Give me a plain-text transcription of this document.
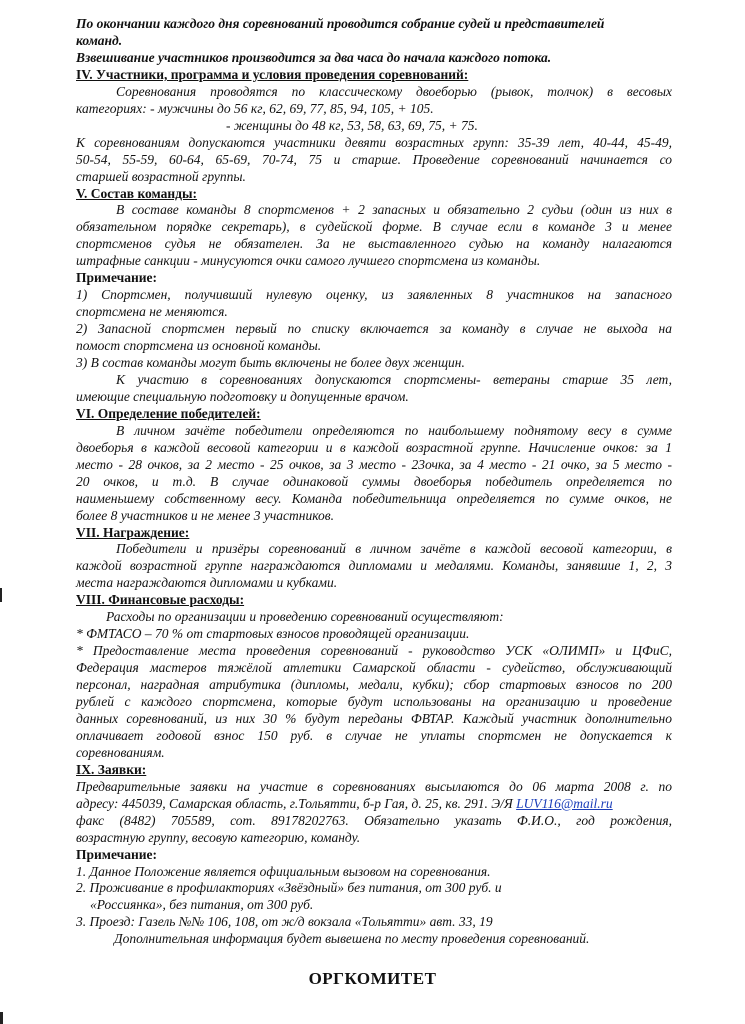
По окончании каждого дня соревнований проводится собрание судей и представителей
команд.
Взвешивание участников производится за два часа до начала каждого потока.
IV. Участники, программа и условия проведения соревнований:
Соревнования проводятся по классическому двоеборью (рывок, толчок) в весовых
категориях: - мужчины до 56 кг, 62, 69, 77, 85, 94, 105, + 105.
- женщины до 48 кг, 53, 58, 63, 69, 75, + 75.
К соревнованиям допускаются участники девяти возрастных групп: 35-39 лет, 40-44, 45-49,
50-54, 55-59, 60-64, 65-69, 70-74, 75 и старше. Проведение соревнований начинается со
старшей возрастной группы.
V. Состав команды:
В составе команды 8 спортсменов + 2 запасных и обязательно 2 судьи (один из них в
обязательном порядке секретарь), в судейской форме. В случае если в команде 3 и менее
спортсменов судья не обязателен. За не выставленного судью на команду налагаются
штрафные санкции - минусуются очки самого лучшего спортсмена из команды.
Примечание:
1) Спортсмен, получивший нулевую оценку, из заявленных 8 участников на запасного
спортсмена не меняются.
2) Запасной спортсмен первый по списку включается за команду в случае не выхода на
помост спортсмена из основной команды.
3) В состав команды могут быть включены не более двух женщин.
К участию в соревнованиях допускаются спортсмены- ветераны старше 35 лет,
имеющие специальную подготовку и допущенные врачом.
VI. Определение победителей:
В личном зачёте победители определяются по наибольшему поднятому весу в сумме
двоеборья в каждой весовой категории и в каждой возрастной группе. Начисление очков: за 1
место - 28 очков, за 2 место - 25 очков, за 3 место - 23очка, за 4 место - 21 очко, за 5 место -
20 очков, и т.д. В случае одинаковой суммы двоеборья победитель определяется по
наименьшему собственному весу. Команда победительница определяется по сумме очков, не
более 8 участников и не менее 3 участников.
VII. Награждение:
Победители и призёры соревнований в личном зачёте в каждой весовой категории, в
каждой возрастной группе награждаются дипломами и медалями. Команды, занявшие 1, 2, 3
места награждаются дипломами и кубками.
VIII. Финансовые расходы:
Расходы по организации и проведению соревнований осуществляют:
* ФМТАСО – 70 % от стартовых взносов проводящей организации.
* Предоставление места проведения соревнований - руководство УСК «ОЛИМП» и ЦФиС,
Федерация мастеров тяжёлой атлетики Самарской области - судейство, обслуживающий
персонал, наградная атрибутика (дипломы, медали, кубки); сбор стартовых взносов по 200
рублей с каждого спортсмена, которые будут использованы на организацию и проведение
данных соревнований, из них 30 % будут переданы ФВТАР. Каждый участник дополнительно
оплачивает годовой взнос 150 руб. в случае не уплаты спортсмен не допускается к
соревнованиям.
IX. Заявки:
Предварительные заявки на участие в соревнованиях высылаются до 06 марта 2008 г. по
адресу: 445039, Самарская область, г.Тольятти, б-р Гая, д. 25, кв. 291. Э/Я LUV116@mail.ru
факс (8482) 705589, сот. 89178202763. Обязательно указать Ф.И.О., год рождения,
возрастную группу, весовую категорию, команду.
Примечание:
1. Данное Положение является официальным вызовом на соревнования.
2. Проживание в профилакториях «Звёздный» без питания, от 300 руб. и
«Россиянка», без питания, от 300 руб.
3. Проезд: Газель №№ 106, 108, от ж/д вокзала «Тольятти» авт. 33, 19
Дополнительная информация будет вывешена по месту проведения соревнований.
ОРГКОМИТЕТ
